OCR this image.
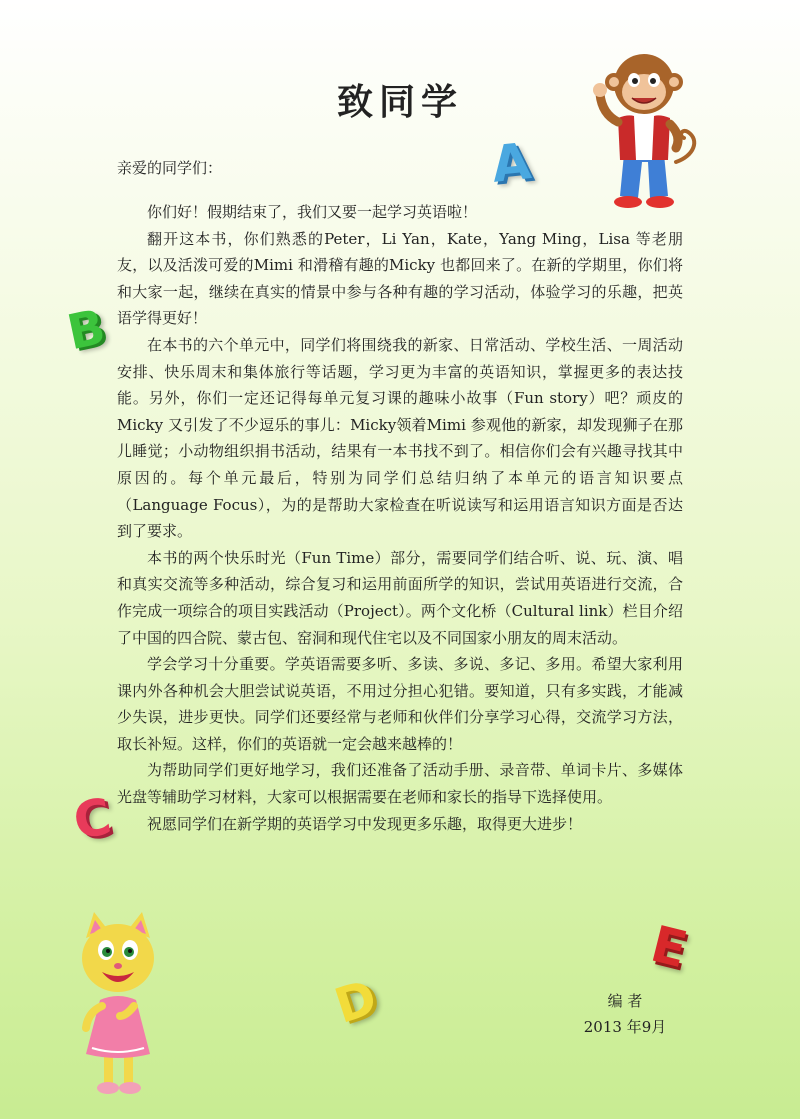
致同学
亲爱的同学们：

你们好！假期结束了，我们又要一起学习英语啦！

翻开这本书，你们熟悉的Peter，Li Yan，Kate，Yang Ming，Lisa 等老朋友，以及活泼可爱的Mimi 和滑稽有趣的Micky 也都回来了。在新的学期里，你们将和大家一起，继续在真实的情景中参与各种有趣的学习活动，体验学习的乐趣，把英语学得更好！

在本书的六个单元中，同学们将围绕我的新家、日常活动、学校生活、一周活动安排、快乐周末和集体旅行等话题，学习更为丰富的英语知识，掌握更多的表达技能。另外，你们一定还记得每单元复习课的趣味小故事（Fun story）吧？顽皮的Micky 又引发了不少逗乐的事儿：Micky领着Mimi 参观他的新家，却发现狮子在那儿睡觉；小动物组织捐书活动，结果有一本书找不到了。相信你们会有兴趣寻找其中原因的。每个单元最后，特别为同学们总结归纳了本单元的语言知识要点（Language Focus），为的是帮助大家检查在听说读写和运用语言知识方面是否达到了要求。

本书的两个快乐时光（Fun Time）部分，需要同学们结合听、说、玩、演、唱和真实交流等多种活动，综合复习和运用前面所学的知识，尝试用英语进行交流，合作完成一项综合的项目实践活动（Project）。两个文化桥（Cultural link）栏目介绍了中国的四合院、蒙古包、窑洞和现代住宅以及不同国家小朋友的周末活动。

学会学习十分重要。学英语需要多听、多读、多说、多记、多用。希望大家利用课内外各种机会大胆尝试说英语，不用过分担心犯错。要知道，只有多实践，才能减少失误，进步更快。同学们还要经常与老师和伙伴们分享学习心得，交流学习方法，取长补短。这样，你们的英语就一定会越来越棒的！

为帮助同学们更好地学习，我们还准备了活动手册、录音带、单词卡片、多媒体光盘等辅助学习材料，大家可以根据需要在老师和家长的指导下选择使用。

祝愿同学们在新学期的英语学习中发现更多乐趣，取得更大进步！

编 者
2013 年9月
A
B
C
D
E
